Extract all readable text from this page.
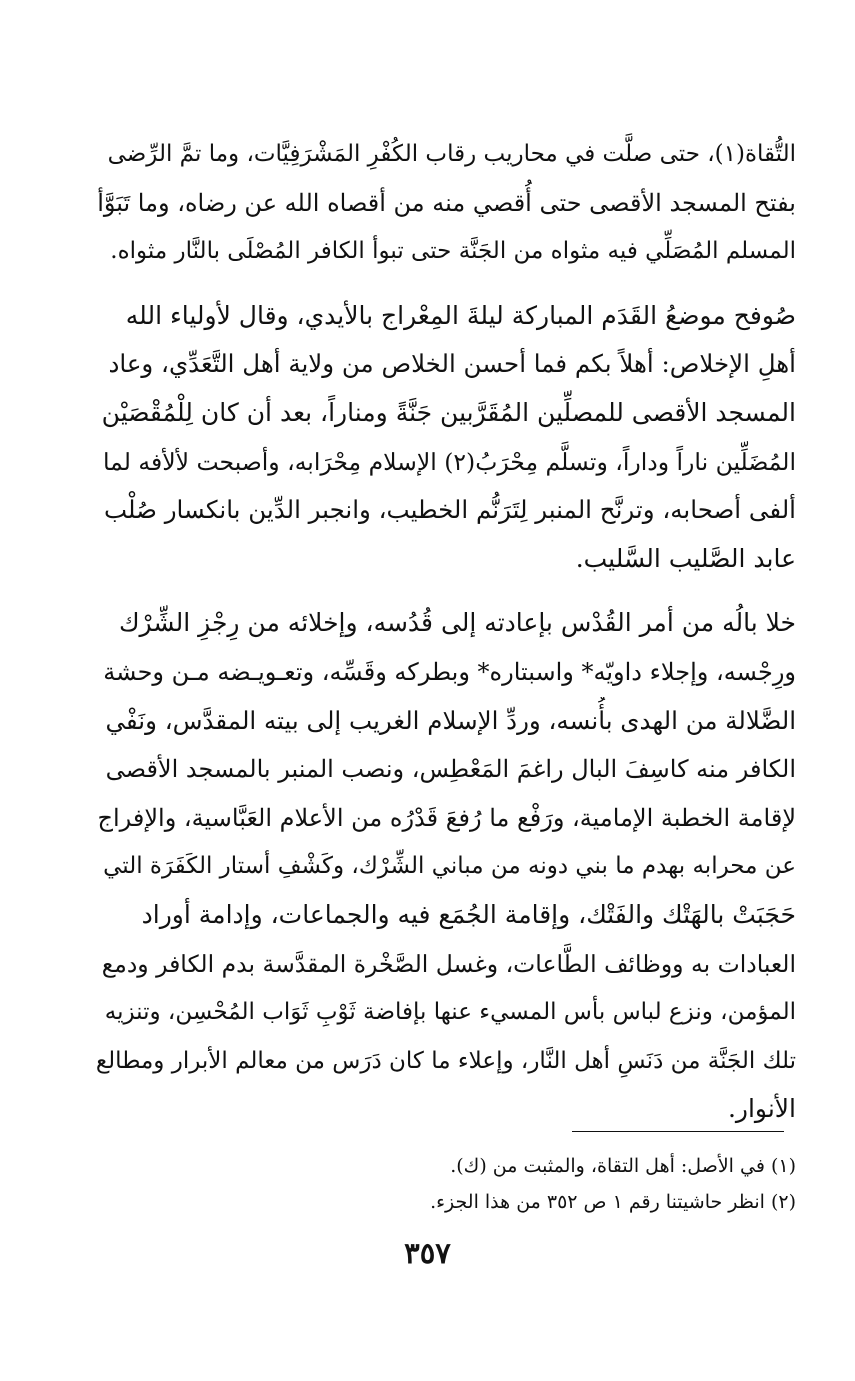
التُّقاة(١)، حتى صلَّت في محاريب رقاب الكُفْرِ المَشْرَفِيَّات، وما تمَّ الرِّضى
بفتح المسجد الأقصى حتى أُقصي منه من أقصاه الله عن رضاه، وما تَبَوَّأ
المسلم المُصَلِّي فيه مثواه من الجَنَّة حتى تبوأ الكافر المُصْلَى بالنَّار مثواه.

صُوفح موضعُ القَدَم المباركة ليلةَ المِعْراج بالأيدي، وقال لأولياء الله
أهلِ الإخلاص: أهلاً بكم فما أحسن الخلاص من ولاية أهل التَّعَدِّي، وعاد
المسجد الأقصى للمصلِّين المُقَرَّبين جَنَّةً ومناراً، بعد أن كان لِلْمُقْصَيْن
المُضَلِّين ناراً وداراً، وتسلَّم مِحْرَبُ(٢) الإسلام مِحْرَابه، وأصبحت لألأفه لما
ألفى أصحابه، وترنَّح المنبر لِتَرَنُّم الخطيب، وانجبر الدِّين بانكسار صُلْب
عابد الصَّليب السَّليب.

خلا بالُه من أمر القُدْس بإعادته إلى قُدُسه، وإخلائه من رِجْزِ الشِّرْك
ورِجْسه، وإجلاء داويّه* واسبتاره* وبطركه وقَسِّه، وتعـويـضه مـن وحشة
الضَّلالة من الهدى بأُنسه، وردِّ الإسلام الغريب إلى بيته المقدَّس، ونَفْي
الكافر منه كاسِفَ البال راغمَ المَعْطِس، ونصب المنبر بالمسجد الأقصى
لإقامة الخطبة الإمامية، ورَفْع ما رُفعَ قَدْرُه من الأعلام العَبَّاسية، والإفراج
عن محرابه بهدم ما بني دونه من مباني الشِّرْك، وكَشْفِ أستار الكَفَرَة التي
حَجَبَتْ بالهَتْك والفَتْك، وإقامة الجُمَع فيه والجماعات، وإدامة أوراد
العبادات به ووظائف الطَّاعات، وغسل الصَّخْرة المقدَّسة بدم الكافر ودمع
المؤمن، ونزع لباس بأس المسيء عنها بإفاضة ثَوْبِ ثَوَاب المُحْسِن، وتنزيه
تلك الجَنَّة من دَنَسِ أهل النَّار، وإعلاء ما كان دَرَس من معالم الأبرار ومطالع
الأنوار.

(١) في الأصل: أهل التقاة، والمثبت من (ك).
(٢) انظر حاشيتنا رقم ١ ص ٣٥٢ من هذا الجزء.
٣٥٧
